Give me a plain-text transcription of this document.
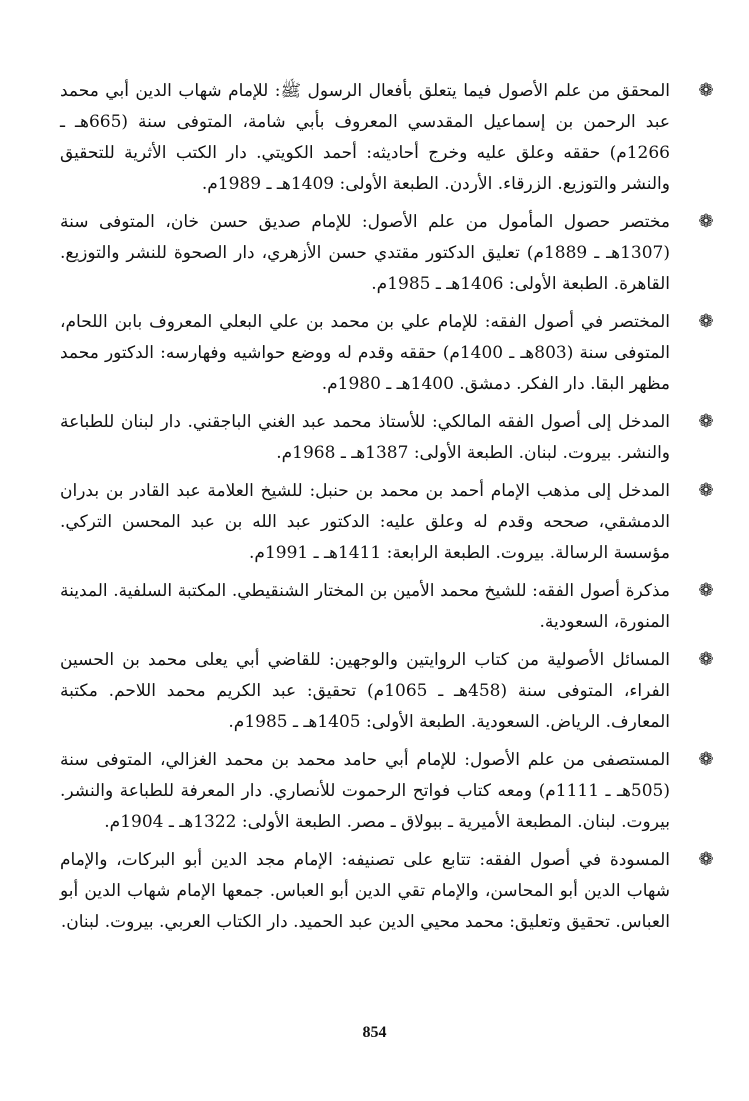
❁
المحقق من علم الأصول فيما يتعلق بأفعال الرسول ﷺ: للإمام شهاب الدين أبي محمد عبد الرحمن بن إسماعيل المقدسي المعروف بأبي شامة، المتوفى سنة (665هـ ـ 1266م) حققه وعلق عليه وخرج أحاديثه: أحمد الكويتي. دار الكتب الأثرية للتحقيق والنشر والتوزيع. الزرقاء. الأردن. الطبعة الأولى: 1409هـ ـ 1989م.
❁
مختصر حصول المأمول من علم الأصول: للإمام صديق حسن خان، المتوفى سنة (1307هـ ـ 1889م) تعليق الدكتور مقتدي حسن الأزهري، دار الصحوة للنشر والتوزيع. القاهرة. الطبعة الأولى: 1406هـ ـ 1985م.
❁
المختصر في أصول الفقه: للإمام علي بن محمد بن علي البعلي المعروف بابن اللحام، المتوفى سنة (803هـ ـ 1400م) حققه وقدم له ووضع حواشيه وفهارسه: الدكتور محمد مظهر البقا. دار الفكر. دمشق. 1400هـ ـ 1980م.
❁
المدخل إلى أصول الفقه المالكي: للأستاذ محمد عبد الغني الباجقني. دار لبنان للطباعة والنشر. بيروت. لبنان. الطبعة الأولى: 1387هـ ـ 1968م.
❁
المدخل إلى مذهب الإمام أحمد بن محمد بن حنبل: للشيخ العلامة عبد القادر بن بدران الدمشقي، صححه وقدم له وعلق عليه: الدكتور عبد الله بن عبد المحسن التركي. مؤسسة الرسالة. بيروت. الطبعة الرابعة: 1411هـ ـ 1991م.
❁
مذكرة أصول الفقه: للشيخ محمد الأمين بن المختار الشنقيطي. المكتبة السلفية. المدينة المنورة، السعودية.
❁
المسائل الأصولية من كتاب الروايتين والوجهين: للقاضي أبي يعلى محمد بن الحسين الفراء، المتوفى سنة (458هـ ـ 1065م) تحقيق: عبد الكريم محمد اللاحم. مكتبة المعارف. الرياض. السعودية. الطبعة الأولى: 1405هـ ـ 1985م.
❁
المستصفى من علم الأصول: للإمام أبي حامد محمد بن محمد الغزالي، المتوفى سنة (505هـ ـ 1111م) ومعه كتاب فواتح الرحموت للأنصاري. دار المعرفة للطباعة والنشر. بيروت. لبنان. المطبعة الأميرية ـ ببولاق ـ مصر. الطبعة الأولى: 1322هـ ـ 1904م.
❁
المسودة في أصول الفقه: تتابع على تصنيفه: الإمام مجد الدين أبو البركات، والإمام شهاب الدين أبو المحاسن، والإمام تقي الدين أبو العباس. جمعها الإمام شهاب الدين أبو العباس. تحقيق وتعليق: محمد محيي الدين عبد الحميد. دار الكتاب العربي. بيروت. لبنان.
854
